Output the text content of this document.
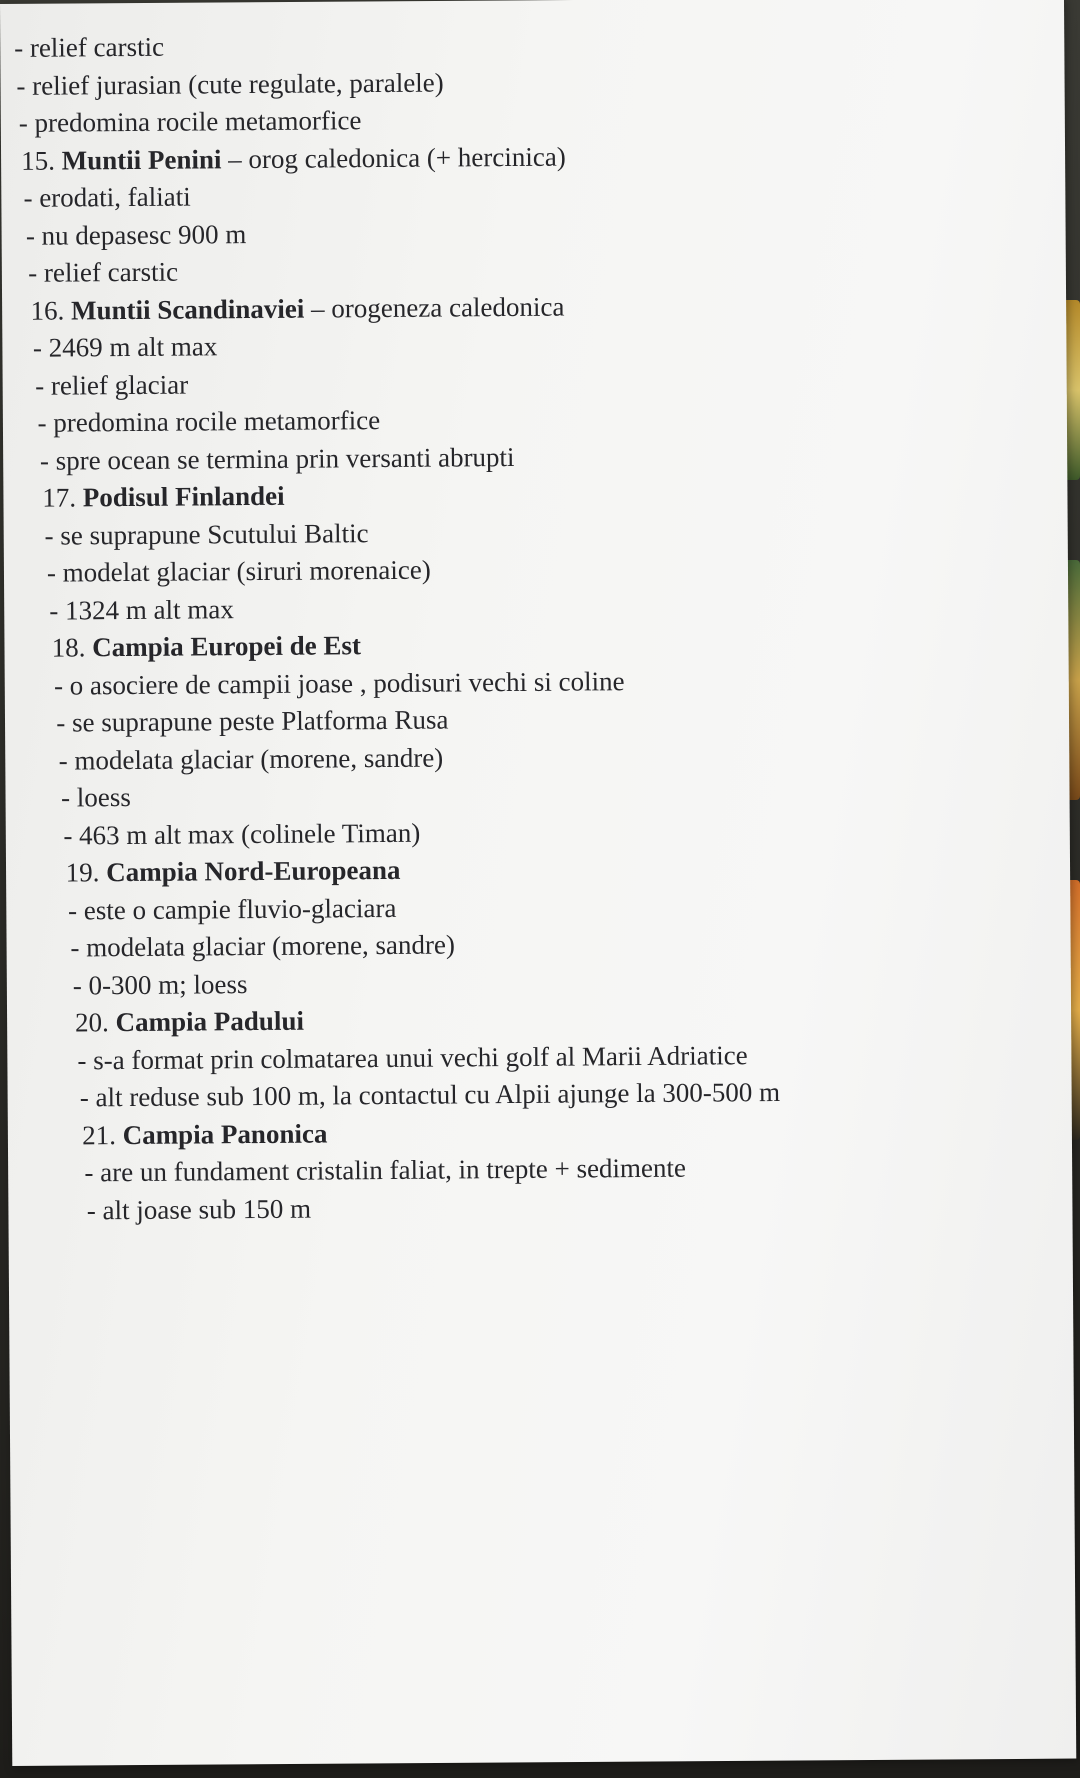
- relief carstic
- relief jurasian (cute regulate, paralele)
- predomina rocile metamorfice
15. Muntii Penini – orog caledonica (+ hercinica)
- erodati, faliati
- nu depasesc 900 m
- relief carstic
16. Muntii Scandinaviei – orogeneza caledonica
- 2469 m alt max
- relief glaciar
- predomina rocile metamorfice
- spre ocean se termina prin versanti abrupti
17. Podisul Finlandei
- se suprapune Scutului Baltic
- modelat glaciar (siruri morenaice)
- 1324 m alt max
18. Campia Europei de Est
- o asociere de campii joase , podisuri vechi si coline
- se suprapune peste Platforma Rusa
- modelata glaciar (morene, sandre)
- loess
- 463 m alt max (colinele Timan)
19. Campia Nord-Europeana
- este o campie fluvio-glaciara
- modelata glaciar (morene, sandre)
- 0-300 m; loess
20. Campia Padului
- s-a format prin colmatarea unui vechi golf al Marii Adriatice
- alt reduse sub 100 m, la contactul cu Alpii ajunge la 300-500 m
21. Campia Panonica
- are un fundament cristalin faliat, in trepte + sedimente
- alt joase sub 150 m
